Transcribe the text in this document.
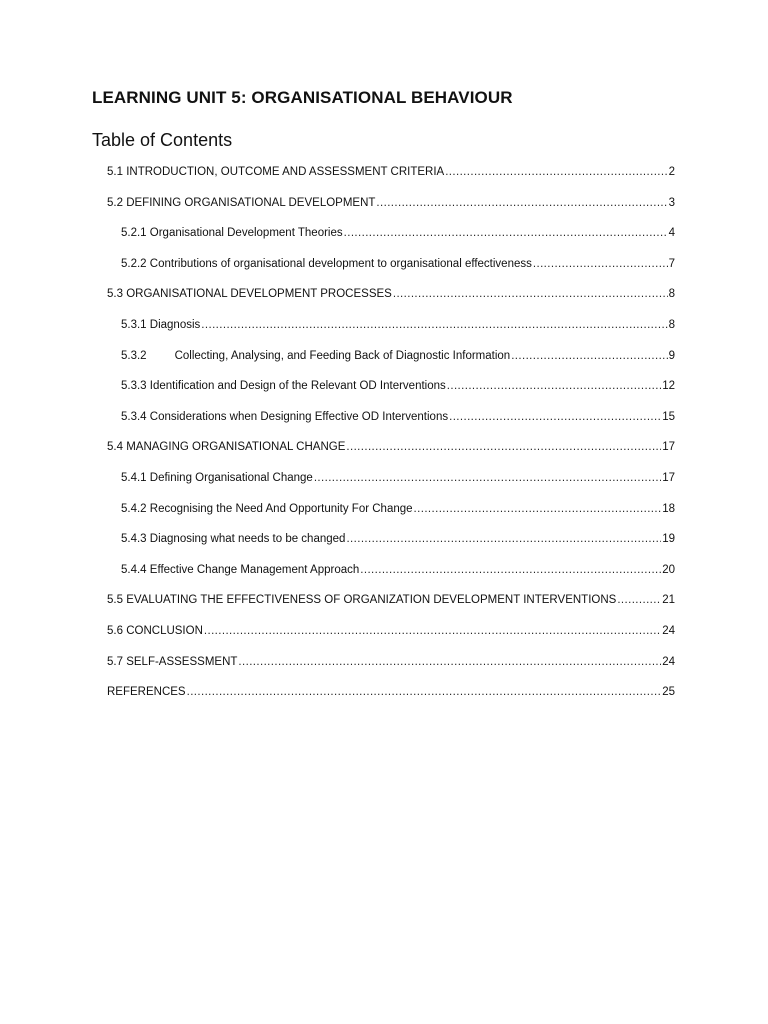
LEARNING UNIT 5: ORGANISATIONAL BEHAVIOUR
Table of Contents
5.1 INTRODUCTION, OUTCOME AND ASSESSMENT CRITERIA .....	2
5.2 DEFINING ORGANISATIONAL DEVELOPMENT .....	3
5.2.1 Organisational Development Theories .....	4
5.2.2 Contributions of organisational development to organisational effectiveness .....	7
5.3 ORGANISATIONAL DEVELOPMENT PROCESSES .....	8
5.3.1 Diagnosis .....	8
5.3.2 Collecting, Analysing, and Feeding Back of Diagnostic Information .....	9
5.3.3 Identification and Design of the Relevant OD Interventions .....	12
5.3.4 Considerations when Designing Effective OD Interventions .....	15
5.4 MANAGING ORGANISATIONAL CHANGE .....	17
5.4.1 Defining Organisational Change .....	17
5.4.2 Recognising the Need And Opportunity For Change .....	18
5.4.3 Diagnosing what needs to be changed .....	19
5.4.4 Effective Change Management Approach .....	20
5.5 EVALUATING THE EFFECTIVENESS OF ORGANIZATION DEVELOPMENT INTERVENTIONS .....	21
5.6 CONCLUSION .....	24
5.7 SELF-ASSESSMENT .....	24
REFERENCES .....	25
